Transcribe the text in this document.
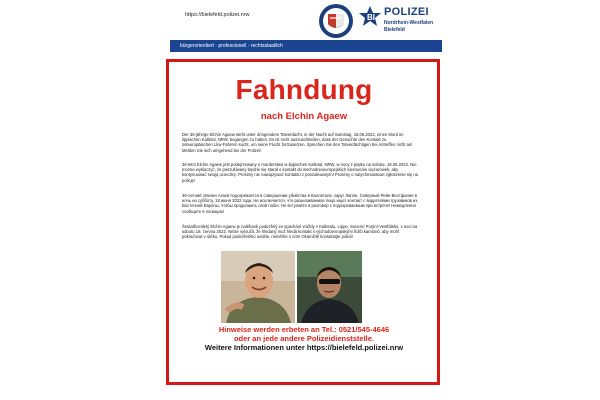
https://bielefeld.polizei.nrw	BI POLIZEI
Nordrhein-Westfalen
Bielefeld
bürgerorientiert · professionell · rechtsstaatlich
Fahndung
nach Elchin Agaew
Der 36-jährige Elchin Agaew steht unter dringendem Tatverdacht, in der Nacht auf Samstag, 18.06.2022, einen Mord im lippischen Kalletal, NRW, begangen zu haben. Es ist nicht auszuschließen, dass der Gesuchte den Kontakt zu osteuropäischen Lkw-Fahrern sucht, um seine Flucht fortzusetzen. Sprechen Sie den Tatverdächtigen bei Antreffen nicht an! Melden Sie sich umgehend bei der Polizei!
36-letni Elchin Agaew jest podejrzewany o morderstwo w lippischen Kalletal, NRW, w nocy z piątku na sobotę, 18.06.2022. Nie można wykluczyć, że poszukiwany będzie się starał o kontakt do wschodnioeuropejskich kierowców ciężarówek, aby kontynuować swoją ucieczkę. Prosimy nie nawiązywać kontaktu z poszukiwanym! Prosimy o natychmiastowe zgłoszenie się na policję!
36-летний Эльчин Агаев подозревается в совершении убийства в Каллетале, округ Липпе, Северный Рейн-Вестфалия в ночь на субботу, 18 июня 2022 года. Не исключается, что разыскиваемое лицо ищет контакт с водителями грузовиков из Восточной Европы, чтобы продолжить свой побег. Не вступайте в разговор с подозреваемым при встрече! Немедленно сообщите в полицию!
Šestatřicetiletý Elchin Agaew je naléhavě podezřelý ze spáchání vraždy v Kalletalu, Lippe, Severní Porýní-Vestfálsko, v noci na sobotu 18. června 2022. Nelze vyloučit, že hledaný muž hledá kontakt s východoevropskými řidiči kamionů, aby mohl pokračovat v útěku. Pokud podezřelého uvidíte, neměňte s ním! Okamžitě kontaktujte policii!
Hinweise werden erbeten an Tel.: 0521/545-4646
oder an jede andere Polizeidienststelle.
Weitere Informationen unter https://bielefeld.polizei.nrw
